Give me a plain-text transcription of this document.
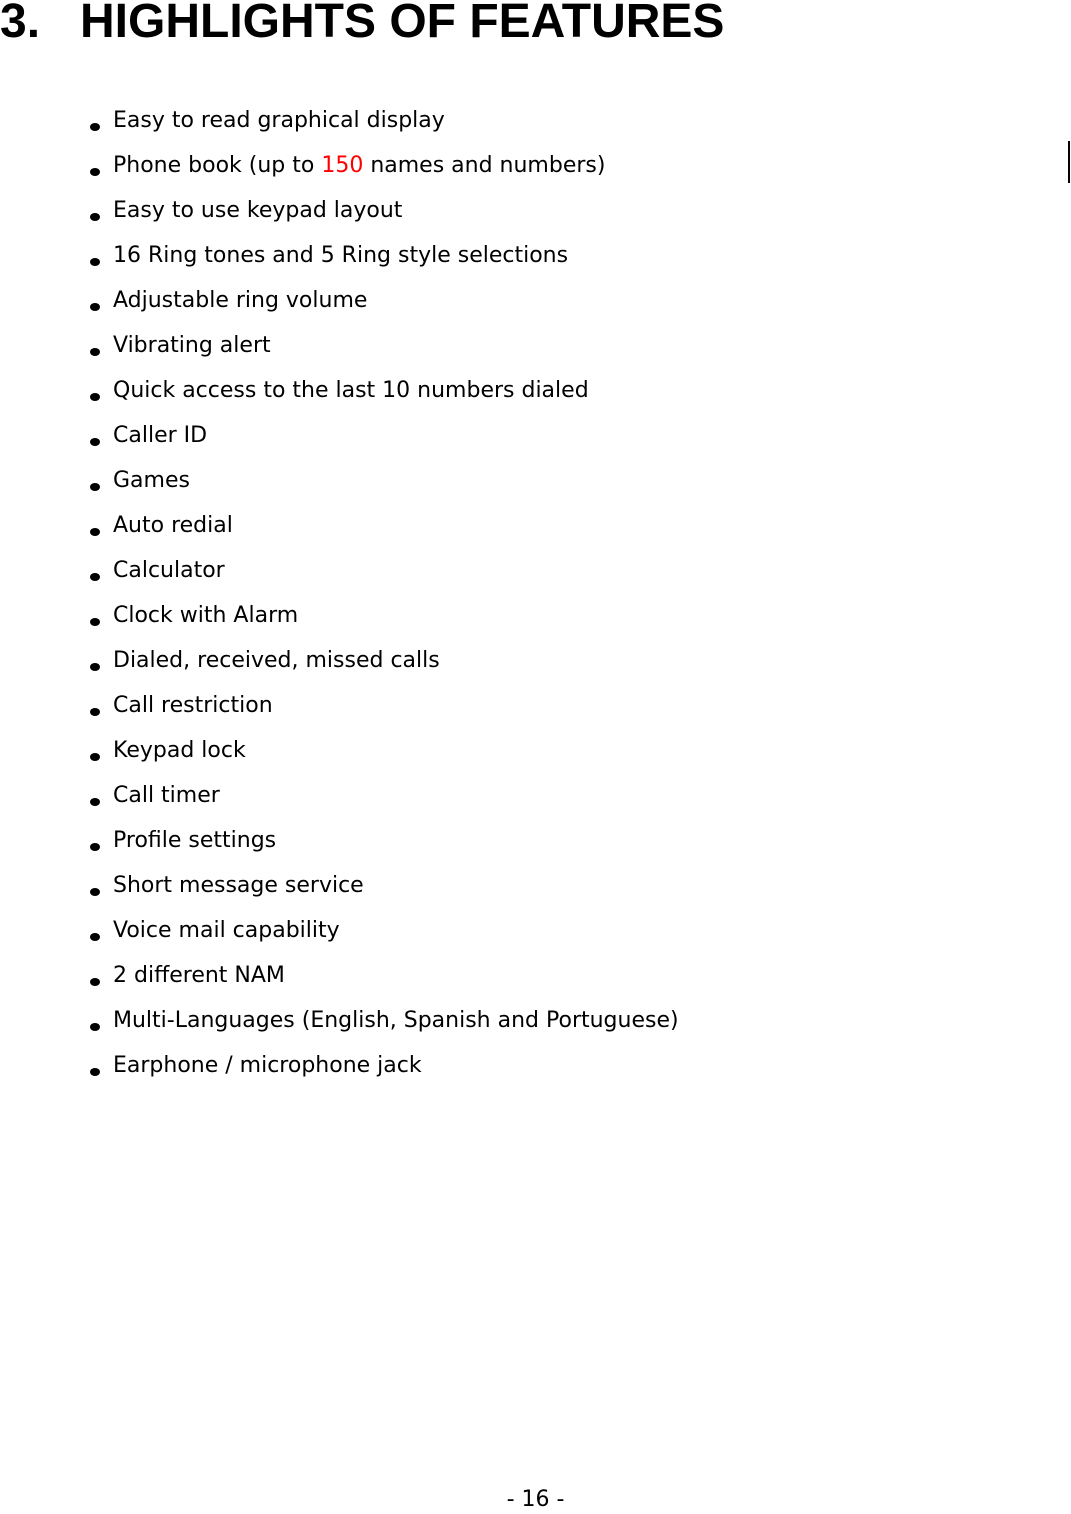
3. HIGHLIGHTS OF FEATURES
Easy to read graphical display
Phone book (up to 150 names and numbers)
Easy to use keypad layout
16 Ring tones and 5 Ring style selections
Adjustable ring volume
Vibrating alert
Quick access to the last 10 numbers dialed
Caller ID
Games
Auto redial
Calculator
Clock with Alarm
Dialed, received, missed calls
Call restriction
Keypad lock
Call timer
Profile settings
Short message service
Voice mail capability
2 different NAM
Multi-Languages (English, Spanish and Portuguese)
Earphone / microphone jack
- 16 -
